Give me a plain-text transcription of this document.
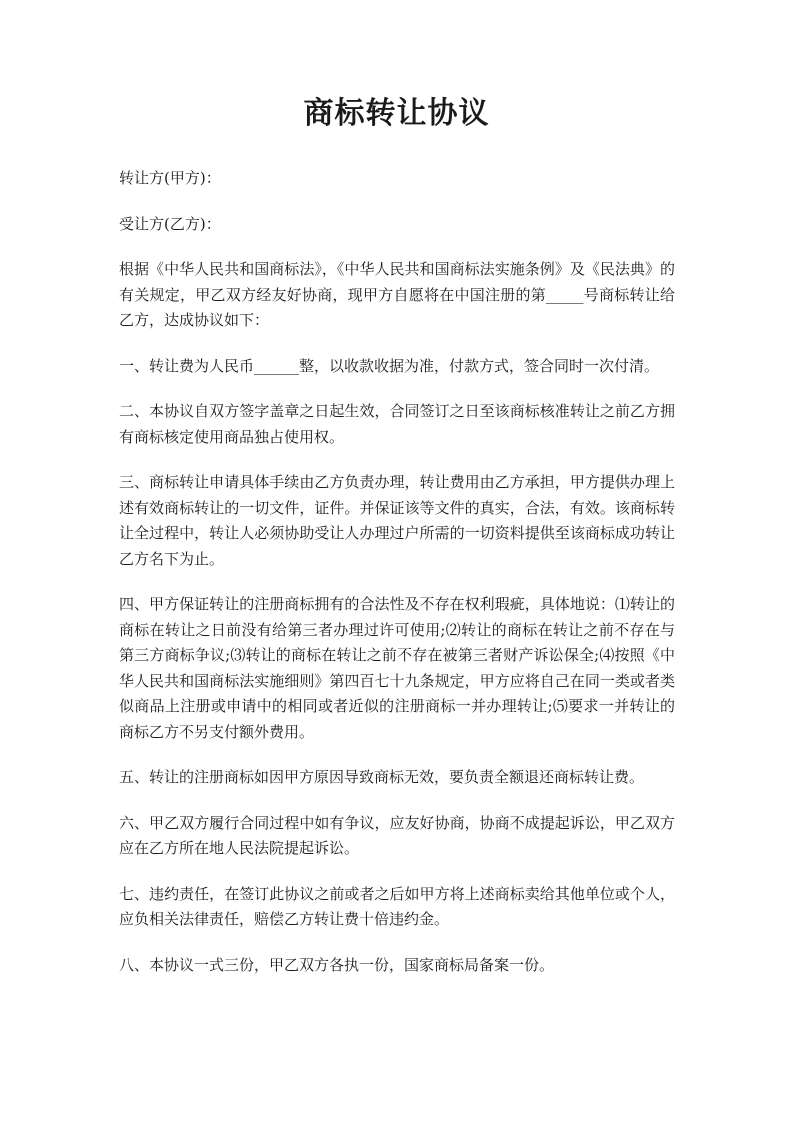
商标转让协议

转让方(甲方)：

受让方(乙方)：

根据《中华人民共和国商标法》，《中华人民共和国商标法实施条例》及《民法典》的有关规定，甲乙双方经友好协商，现甲方自愿将在中国注册的第_____号商标转让给乙方，达成协议如下：

一、转让费为人民币______整，以收款收据为准，付款方式，签合同时一次付清。

二、本协议自双方签字盖章之日起生效，合同签订之日至该商标核准转让之前乙方拥有商标核定使用商品独占使用权。

三、商标转让申请具体手续由乙方负责办理，转让费用由乙方承担，甲方提供办理上述有效商标转让的一切文件，证件。并保证该等文件的真实，合法，有效。该商标转让全过程中，转让人必须协助受让人办理过户所需的一切资料提供至该商标成功转让乙方名下为止。

四、甲方保证转让的注册商标拥有的合法性及不存在权利瑕疵，具体地说：⑴转让的商标在转让之日前没有给第三者办理过许可使用;⑵转让的商标在转让之前不存在与第三方商标争议;⑶转让的商标在转让之前不存在被第三者财产诉讼保全;⑷按照《中华人民共和国商标法实施细则》第四百七十九条规定，甲方应将自己在同一类或者类似商品上注册或申请中的相同或者近似的注册商标一并办理转让;⑸要求一并转让的商标乙方不另支付额外费用。

五、转让的注册商标如因甲方原因导致商标无效，要负责全额退还商标转让费。

六、甲乙双方履行合同过程中如有争议，应友好协商，协商不成提起诉讼，甲乙双方应在乙方所在地人民法院提起诉讼。

七、违约责任，在签订此协议之前或者之后如甲方将上述商标卖给其他单位或个人，应负相关法律责任，赔偿乙方转让费十倍违约金。

八、本协议一式三份，甲乙双方各执一份，国家商标局备案一份。
